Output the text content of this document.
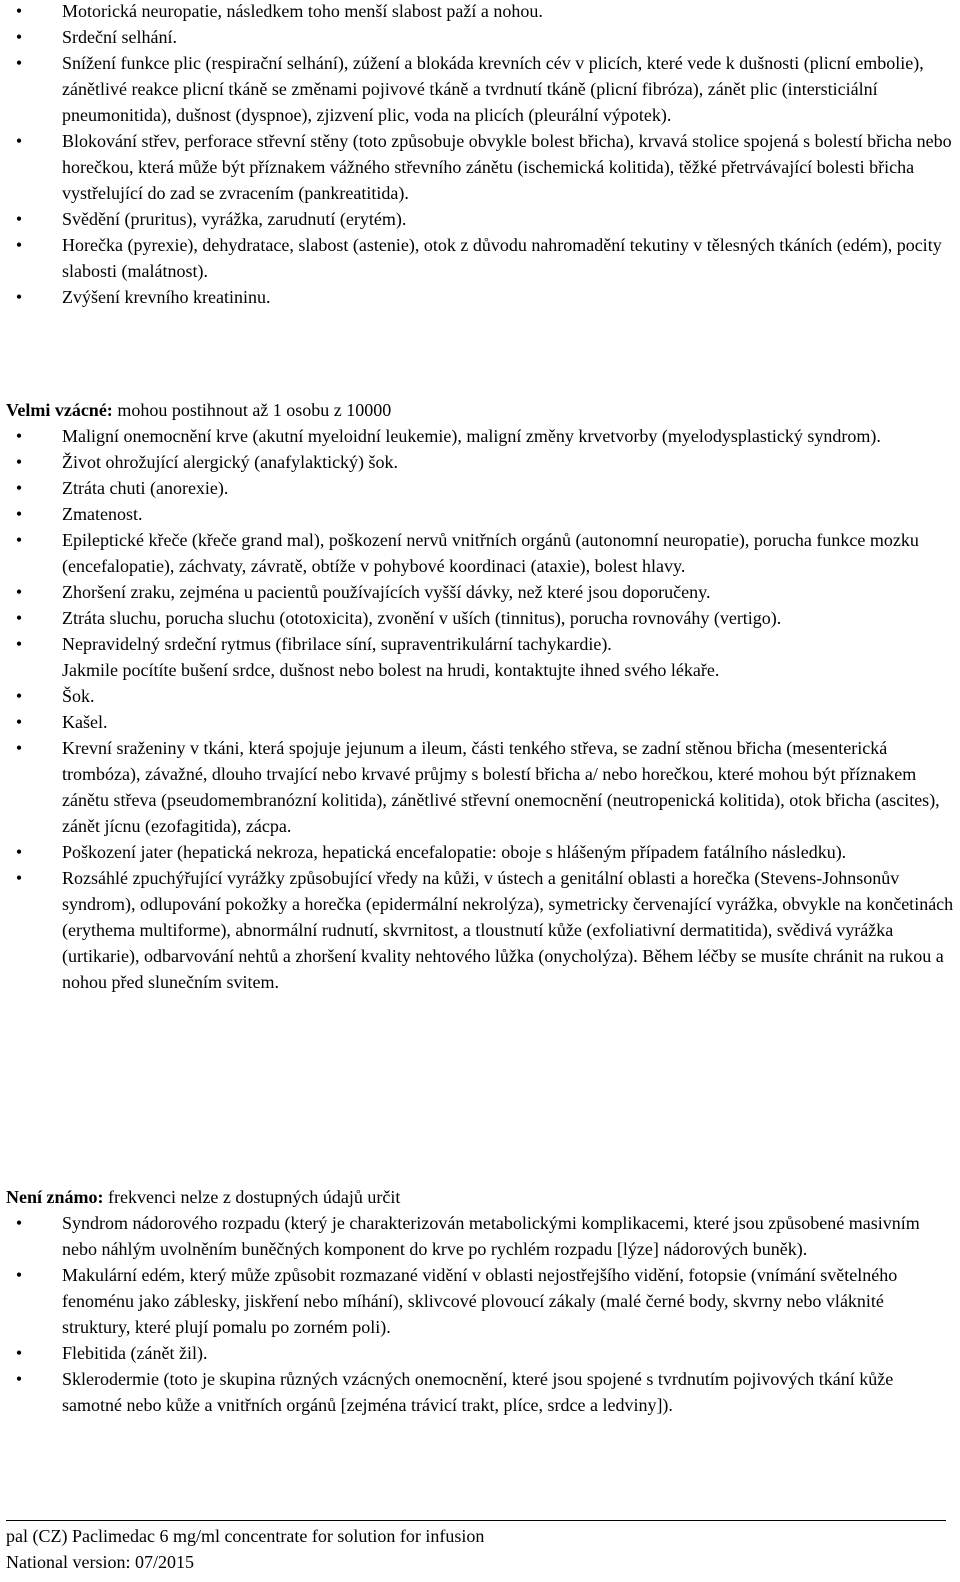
• Motorická neuropatie, následkem toho menší slabost paží a nohou.
• Srdeční selhání.
• Snížení funkce plic (respirační selhání), zúžení a blokáda krevních cév v plicích, které vede k dušnosti (plicní embolie), zánětlivé reakce plicní tkáně se změnami pojivové tkáně a tvrdnutí tkáně (plicní fibróza), zánět plic (intersticiální pneumonitida), dušnost (dyspnoe), zjizvení plic, voda na plicích (pleurální výpotek).
• Blokování střev, perforace střevní stěny (toto způsobuje obvykle bolest břicha), krvavá stolice spojená s bolestí břicha nebo horečkou, která může být příznakem vážného střevního zánětu (ischemická kolitida), těžké přetrvávající bolesti břicha vystřelující do zad se zvracením (pankreatitida).
• Svědění (pruritus), vyrážka, zarudnutí (erytém).
• Horečka (pyrexie), dehydratace, slabost (astenie), otok z důvodu nahromadění tekutiny v tělesných tkáních (edém), pocity slabosti (malátnost).
• Zvýšení krevního kreatininu.
Velmi vzácné: mohou postihnout až 1 osobu z 10000
• Maligní onemocnění krve (akutní myeloidní leukemie), maligní změny krvetvorby (myelodysplastický syndrom).
• Život ohrožující alergický (anafylaktický) šok.
• Ztráta chuti (anorexie).
• Zmatenost.
• Epileptické křeče (křeče grand mal), poškození nervů vnitřních orgánů (autonomní neuropatie), porucha funkce mozku (encefalopatie), záchvaty, závratě, obtíže v pohybové koordinaci (ataxie), bolest hlavy.
• Zhoršení zraku, zejména u pacientů používajících vyšší dávky, než které jsou doporučeny.
• Ztráta sluchu, porucha sluchu (ototoxicita), zvonění v uších (tinnitus), porucha rovnováhy (vertigo).
• Nepravidelný srdeční rytmus (fibrilace síní, supraventrikulární tachykardie).
Jakmile pocítíte bušení srdce, dušnost nebo bolest na hrudi, kontaktujte ihned svého lékaře.
• Šok.
• Kašel.
• Krevní sraženiny v tkáni, která spojuje jejunum a ileum, části tenkého střeva, se zadní stěnou břicha (mesenterická trombóza), závažné, dlouho trvající nebo krvavé průjmy s bolestí břicha a/ nebo horečkou, které mohou být příznakem zánětu střeva (pseudomembranózní kolitida), zánětlivé střevní onemocnění (neutropenická kolitida), otok břicha (ascites), zánět jícnu (ezofagitida), zácpa.
• Poškození jater (hepatická nekroza, hepatická encefalopatie: oboje s hlášeným případem fatálního následku).
• Rozsáhlé zpuchýřující vyrážky způsobující vředy na kůži, v ústech a genitální oblasti a horečka (Stevens-Johnsonův syndrom), odlupování pokožky a horečka (epidermální nekrolýza), symetricky červenající vyrážka, obvykle na končetinách (erythema multiforme), abnormální rudnutí, skvrnitost, a tloustnutí kůže (exfoliativní dermatitida), svědivá vyrážka (urtikarie), odbarvování nehtů a zhoršení kvality nehtového lůžka (onycholýza). Během léčby se musíte chránit na rukou a nohou před slunečním svitem.
Není známo: frekvenci nelze z dostupných údajů určit
• Syndrom nádorového rozpadu (který je charakterizován metabolickými komplikacemi, které jsou způsobené masivním nebo náhlým uvolněním buněčných komponent do krve po rychlém rozpadu [lýze] nádorových buněk).
• Makulární edém, který může způsobit rozmazané vidění v oblasti nejostřejšího vidění, fotopsie (vnímání světelného fenoménu jako záblesky, jiskření nebo míhání), sklivcové plovoucí zákaly (malé černé body, skvrny nebo vláknité struktury, které plují pomalu po zorném poli).
• Flebitida (zánět žil).
• Sklerodermie (toto je skupina různých vzácných onemocnění, které jsou spojené s tvrdnutím pojivových tkání kůže samotné nebo kůže a vnitřních orgánů [zejména trávicí trakt, plíce, srdce a ledviny]).
pal (CZ) Paclimedac 6 mg/ml concentrate for solution for infusion
National version: 07/2015
